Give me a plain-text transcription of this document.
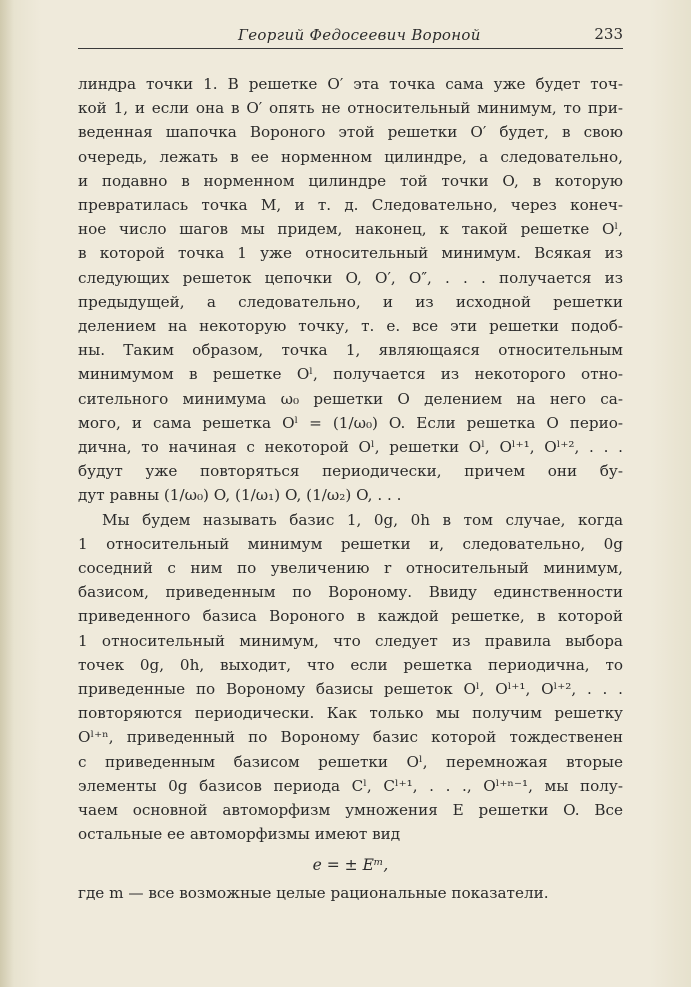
Георгий Федосеевич Вороной	233

линдра точки 1. В решетке O′ эта точка сама уже будет точ-
кой 1, и если она в O′ опять не относительный минимум, то при-
веденная шапочка Вороного этой решетки O′ будет, в свою
очередь, лежать в ее норменном цилиндре, а следовательно,
и подавно в норменном цилиндре той точки O, в которую
превратилась точка M, и т. д. Следовательно, через конеч-
ное число шагов мы придем, наконец, к такой решетке Oˡ,
в которой точка 1 уже относительный минимум. Всякая из
следующих решеток цепочки O, O′, O″, . . . получается из
предыдущей, а следовательно, и из исходной решетки
делением на некоторую точку, т. е. все эти решетки подоб-
ны. Таким образом, точка 1, являющаяся относительным
минимумом в решетке Oˡ, получается из некоторого отно-
сительного минимума ω₀ решетки O делением на него са-
мого, и сама решетка Oˡ = (1/ω₀) O. Если решетка O перио-
дична, то начиная с некоторой Oˡ, решетки Oˡ, Oˡ⁺¹, Oˡ⁺², . . .
будут уже повторяться периодически, причем они бу-
дут равны (1/ω₀) O, (1/ω₁) O, (1/ω₂) O, . . .

Мы будем называть базис 1, 0g, 0h в том случае, когда
1 относительный минимум решетки и, следовательно, 0g
соседний с ним по увеличению r относительный минимум,
базисом, приведенным по Вороному. Ввиду единственности
приведенного базиса Вороного в каждой решетке, в которой
1 относительный минимум, что следует из правила выбора
точек 0g, 0h, выходит, что если решетка периодична, то
приведенные по Вороному базисы решеток Oˡ, Oˡ⁺¹, Oˡ⁺², . . .
повторяются периодически. Как только мы получим решетку
Oˡ⁺ⁿ, приведенный по Вороному базис которой тождественен
с приведенным базисом решетки Oˡ, перемножая вторые
элементы 0g базисов периода Cˡ, Cˡ⁺¹, . . ., Oˡ⁺ⁿ⁻¹, мы полу-
чаем основной автоморфизм умножения E решетки O. Все
остальные ее автоморфизмы имеют вид

e = ± Eᵐ,

где m — все возможные целые рациональные показатели.
